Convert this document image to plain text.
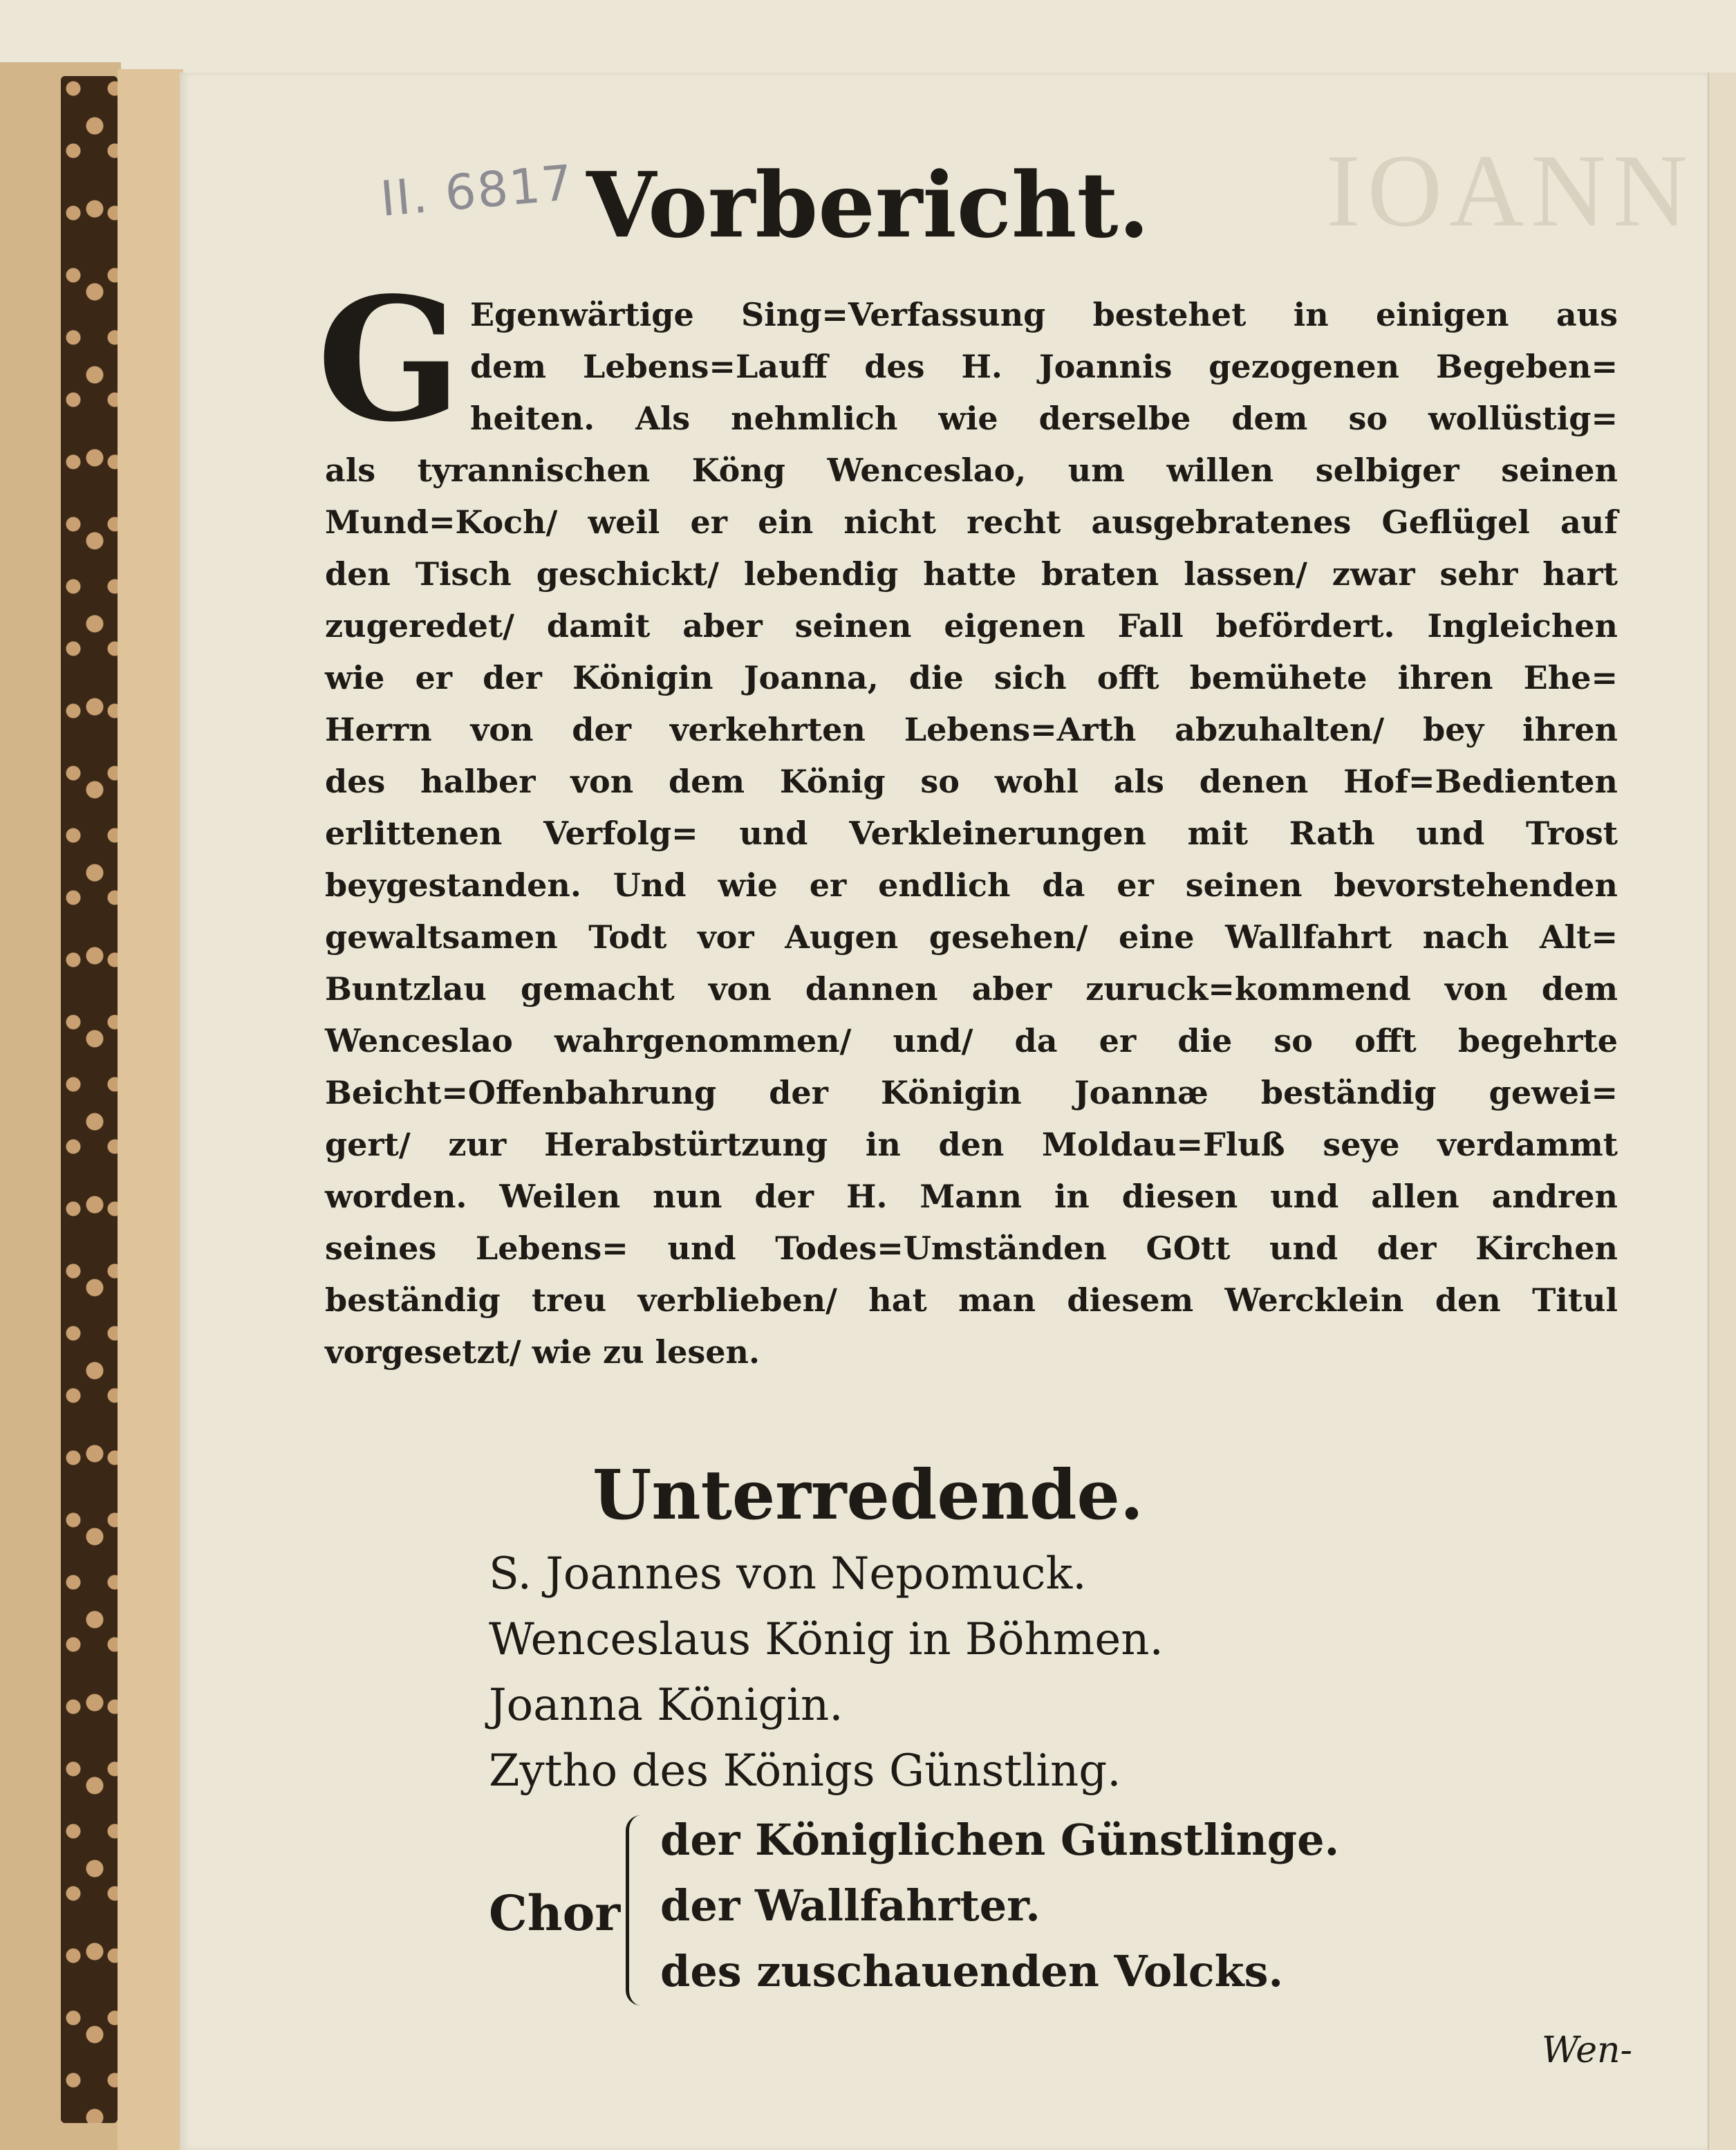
IOANN
II. 6817 Vorbericht.
G Egenwärtige Sing=Verfassung bestehet in einigen aus
dem Lebens=Lauff des H. Joannis gezogenen Begeben=
heiten. Als nehmlich wie derselbe dem so wollüstig=
als tyrannischen Köng Wenceslao, um willen selbiger seinen
Mund=Koch/ weil er ein nicht recht ausgebratenes Geflügel auf
den Tisch geschickt/ lebendig hatte braten lassen/ zwar sehr hart
zugeredet/ damit aber seinen eigenen Fall befördert. Ingleichen
wie er der Königin Joanna, die sich offt bemühete ihren Ehe=
Herrn von der verkehrten Lebens=Arth abzuhalten/ bey ihren
des halber von dem König so wohl als denen Hof=Bedienten
erlittenen Verfolg= und Verkleinerungen mit Rath und Trost
beygestanden. Und wie er endlich da er seinen bevorstehenden
gewaltsamen Todt vor Augen gesehen/ eine Wallfahrt nach Alt=
Buntzlau gemacht von dannen aber zuruck=kommend von dem
Wenceslao wahrgenommen/ und/ da er die so offt begehrte
Beicht=Offenbahrung der Königin Joannæ beständig gewei=
gert/ zur Herabstürtzung in den Moldau=Fluß seye verdammt
worden. Weilen nun der H. Mann in diesen und allen andren
seines Lebens= und Todes=Umständen GOtt und der Kirchen
beständig treu verblieben/ hat man diesem Wercklein den Titul
vorgesetzt/ wie zu lesen.
Unterredende.
S. Joannes von Nepomuck.
Wenceslaus König in Böhmen.
Joanna Königin.
Zytho des Königs Günstling.
Chor
der Königlichen Günstlinge.
der Wallfahrter.
des zuschauenden Volcks.
Wen-
